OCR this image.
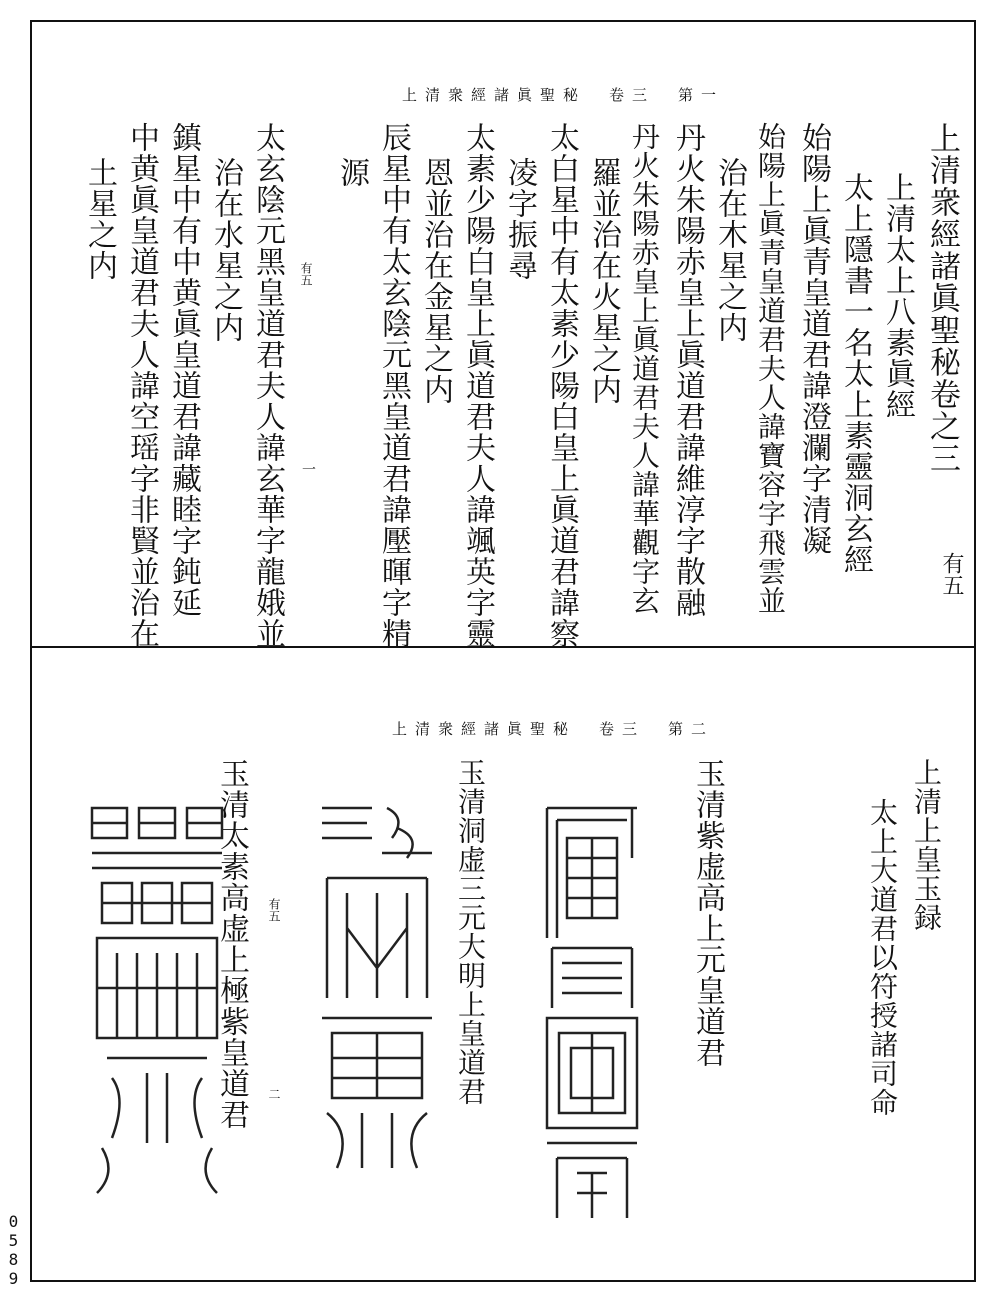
上清衆經諸眞聖秘　卷三　第一
上清衆經諸眞聖秘卷之三
有五
上清太上八素眞經
太上隱書一名太上素靈洞玄經
始陽上眞青皇道君諱澄瀾字清凝
始陽上眞青皇道君夫人諱寶容字飛雲並
治在木星之内
丹火朱陽赤皇上眞道君諱維淳字散融
丹火朱陽赤皇上眞道君夫人諱華觀字玄
羅並治在火星之内
太白星中有太素少陽白皇上眞道君諱察
凌字振尋
太素少陽白皇上眞道君夫人諱颯英字靈
恩並治在金星之内
辰星中有太玄陰元黑皇道君諱壓暉字精
源
太玄陰元黑皇道君夫人諱玄華字龍娥並
治在水星之内
鎮星中有中黄眞皇道君諱藏睦字鈍延
中黄眞皇道君夫人諱空瑶字非賢並治在
土星之内	有五
一
上清衆經諸眞聖秘　卷三　第二
上清上皇玉録
太上大道君以符授諸司命
玉清紫虚高上元皇道君
玉清洞虚三元大明上皇道君
玉清太素高虚上極紫皇道君 有五
二
0589
